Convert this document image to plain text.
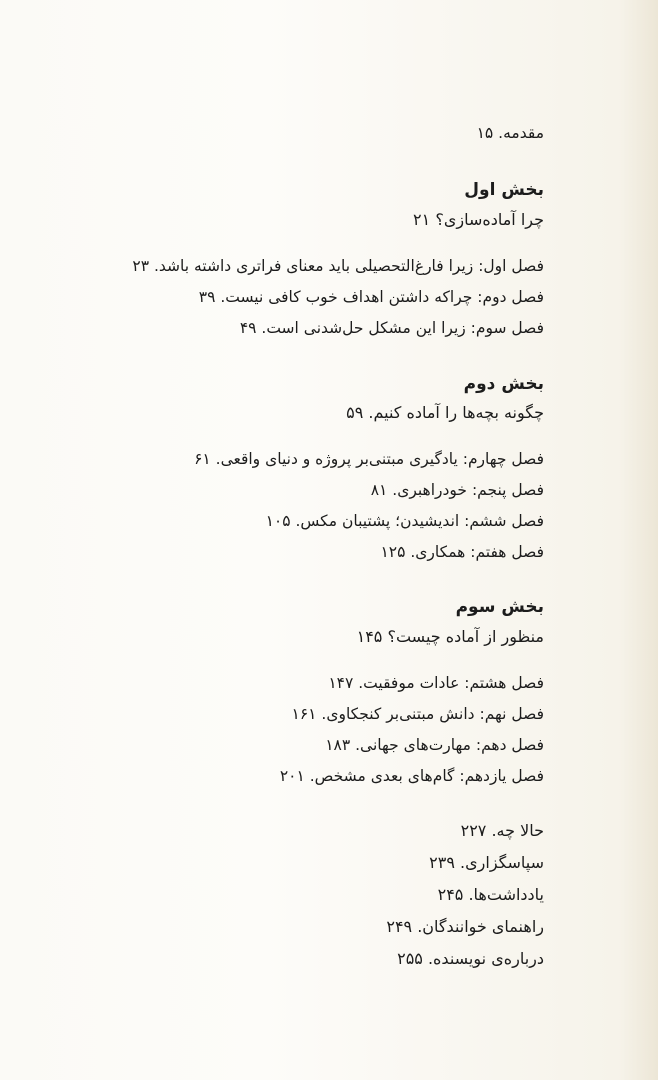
مقدمه. ۱۵
بخش اول
چرا آماده‌سازی؟ ۲۱
فصل اول: زیرا فارغ‌التحصیلی باید معنای فراتری داشته باشد. ۲۳
فصل دوم: چراکه داشتن اهداف خوب کافی نیست. ۳۹
فصل سوم: زیرا این مشکل حل‌شدنی است. ۴۹
بخش دوم
چگونه بچه‌ها را آماده کنیم. ۵۹
فصل چهارم: یادگیری مبتنی‌بر پروژه و دنیای واقعی. ۶۱
فصل پنجم: خودراهبری. ۸۱
فصل ششم: اندیشیدن؛ پشتیبان مکس. ۱۰۵
فصل هفتم: همکاری. ۱۲۵
بخش سوم
منظور از آماده چیست؟ ۱۴۵
فصل هشتم: عادات موفقیت. ۱۴۷
فصل نهم: دانش مبتنی‌بر کنجکاوی. ۱۶۱
فصل دهم: مهارت‌های جهانی. ۱۸۳
فصل یازدهم: گام‌های بعدی مشخص. ۲۰۱
حالا چه. ۲۲۷
سپاسگزاری. ۲۳۹
یادداشت‌ها. ۲۴۵
راهنمای خوانندگان. ۲۴۹
درباره‌ی نویسنده. ۲۵۵
